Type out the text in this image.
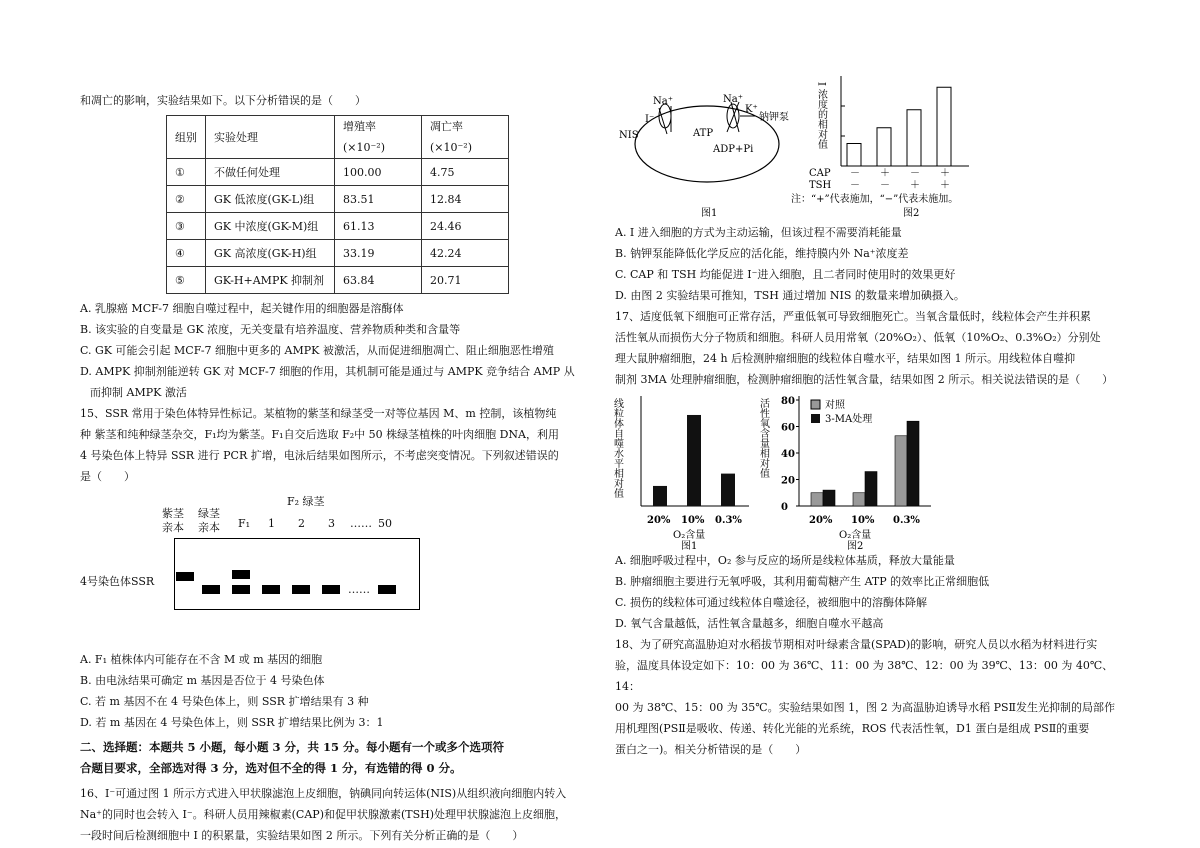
和凋亡的影响，实验结果如下。以下分析错误的是（　　）

组别	实验处理	增殖率(×10⁻²)	凋亡率(×10⁻²)
①	不做任何处理	100.00	4.75
②	GK 低浓度(GK-L)组	83.51	12.84
③	GK 中浓度(GK-M)组	61.13	24.46
④	GK 高浓度(GK-H)组	33.19	42.24
⑤	GK-H+AMPK 抑制剂	63.84	20.71

A. 乳腺癌 MCF-7 细胞自噬过程中，起关键作用的细胞器是溶酶体

B. 该实验的自变量是 GK 浓度，无关变量有培养温度、营养物质种类和含量等

C. GK 可能会引起 MCF-7 细胞中更多的 AMPK 被激活，从而促进细胞凋亡、阻止细胞恶性增殖

D. AMPK 抑制剂能逆转 GK 对 MCF-7 细胞的作用，其机制可能是通过与 AMPK 竞争结合 AMP 从

而抑制 AMPK 激活

15、SSR 常用于染色体特异性标记。某植物的紫茎和绿茎受一对等位基因 M、m 控制，该植物纯

种 紫茎和纯种绿茎杂交，F₁均为紫茎。F₁自交后选取 F₂中 50 株绿茎植株的叶肉细胞 DNA，利用

4 号染色体上特异 SSR 进行 PCR 扩增，电泳后结果如图所示，不考虑突变情况。下列叙述错误的

是（　　）

F₂ 绿茎
紫茎
亲本
绿茎
亲本 F₁ 1 2 3 …… 50
4号染色体SSR
……

A. F₁ 植株体内可能存在不含 M 或 m 基因的细胞

B. 由电泳结果可确定 m 基因是否位于 4 号染色体

C. 若 m 基因不在 4 号染色体上，则 SSR 扩增结果有 3 种

D. 若 m 基因在 4 号染色体上，则 SSR 扩增结果比例为 3：1

二、选择题：本题共 5 小题，每小题 3 分，共 15 分。每小题有一个或多个选项符

合题目要求，全部选对得 3 分，选对但不全的得 1 分，有选错的得 0 分。

16、I⁻可通过图 1 所示方式进入甲状腺滤泡上皮细胞，钠碘同向转运体(NIS)从组织液向细胞内转入

Na⁺的同时也会转入 I⁻。科研人员用辣椒素(CAP)和促甲状腺激素(TSH)处理甲状腺滤泡上皮细胞，

一段时间后检测细胞中 I 的积累量，实验结果如图 2 所示。下列有关分析正确的是（　　）

Na⁺
I⁻
NIS	ATP
ADP+Pi
Na⁺
K⁺
钠钾泵
图1
I 浓度的相对值
CAP
TSH
注：“+”代表施加，“−”代表未施加。
图2
－
－
＋
－
－
＋
＋
＋

A. I 进入细胞的方式为主动运输，但该过程不需要消耗能量

B. 钠钾泵能降低化学反应的活化能，维持膜内外 Na⁺浓度差

C. CAP 和 TSH 均能促进 I⁻进入细胞，且二者同时使用时的效果更好

D. 由图 2 实验结果可推知，TSH 通过增加 NIS 的数量来增加碘摄入。

17、适度低氧下细胞可正常存活，严重低氧可导致细胞死亡。当氧含量低时，线粒体会产生并积累

活性氧从而损伤大分子物质和细胞。科研人员用常氧（20%O₂）、低氧（10%O₂、0.3%O₂）分别处

理大鼠肿瘤细胞，24 h 后检测肿瘤细胞的线粒体自噬水平，结果如图 1 所示。用线粒体自噬抑

制剂 3MA 处理肿瘤细胞，检测肿瘤细胞的活性氧含量，结果如图 2 所示。相关说法错误的是（　　）

线粒体自噬水平相对值
O₂含量
图1
20% 10% 0.3%
活性氧含量相对值	对照
3-MA处理
O₂含量
图2
0
20
40
60
80
20% 10% 0.3%

A. 细胞呼吸过程中，O₂ 参与反应的场所是线粒体基质，释放大量能量

B. 肿瘤细胞主要进行无氧呼吸，其利用葡萄糖产生 ATP 的效率比正常细胞低

C. 损伤的线粒体可通过线粒体自噬途径，被细胞中的溶酶体降解

D. 氧气含量越低，活性氧含量越多，细胞自噬水平越高

18、为了研究高温胁迫对水稻拔节期相对叶绿素含量(SPAD)的影响，研究人员以水稻为材料进行实

验，温度具体设定如下：10：00 为 36℃、11：00 为 38℃、12：00 为 39℃、13：00 为 40℃、14：

00 为 38℃、15：00 为 35℃。实验结果如图 1，图 2 为高温胁迫诱导水稻 PSⅡ发生光抑制的局部作

用机理图(PSⅡ是吸收、传递、转化光能的光系统，ROS 代表活性氧，D1 蛋白是组成 PSⅡ的重要

蛋白之一)。相关分析错误的是（　　）
